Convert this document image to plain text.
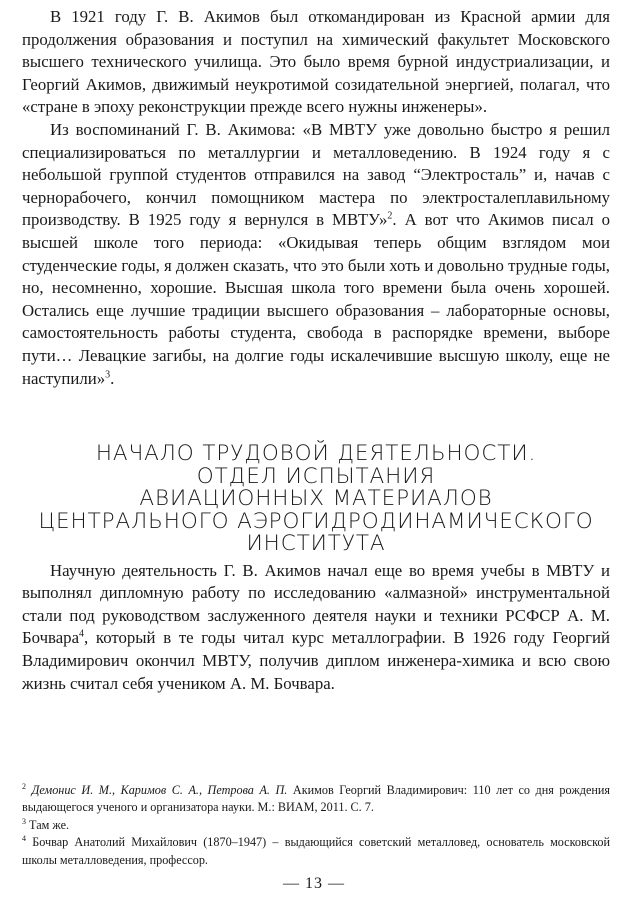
В 1921 году Г. В. Акимов был откомандирован из Красной армии для продолжения образования и поступил на химический факультет Московского высшего технического училища. Это было время бурной индустриализации, и Георгий Акимов, движимый неукротимой созидательной энергией, полагал, что «стране в эпоху реконструкции прежде всего нужны инженеры».

Из воспоминаний Г. В. Акимова: «В МВТУ уже довольно быстро я решил специализироваться по металлургии и металловедению. В 1924 году я с небольшой группой студентов отправился на завод “Электросталь” и, начав с чернорабочего, кончил помощником мастера по электросталеплавильному производству. В 1925 году я вернулся в МВТУ»$^2$. А вот что Акимов писал о высшей школе того периода: «Окидывая теперь общим взглядом мои студенческие годы, я должен сказать, что это были хоть и довольно трудные годы, но, несомненно, хорошие. Высшая школа того времени была очень хорошей. Остались еще лучшие традиции высшего образования – лабораторные основы, самостоятельность работы студента, свобода в распорядке времени, выборе пути… Левацкие загибы, на долгие годы искалечившие высшую школу, еще не наступили»$^3$.

НАЧАЛО ТРУДОВОЙ ДЕЯТЕЛЬНОСТИ.
ОТДЕЛ ИСПЫТАНИЯ
АВИАЦИОННЫХ МАТЕРИАЛОВ
ЦЕНТРАЛЬНОГО АЭРОГИДРОДИНАМИЧЕСКОГО
ИНСТИТУТА

Научную деятельность Г. В. Акимов начал еще во время учебы в МВТУ и выполнял дипломную работу по исследованию «алмазной» инструментальной стали под руководством заслуженного деятеля науки и техники РСФСР А. М. Бочвара$^4$, который в те годы читал курс металлографии. В 1926 году Георгий Владимирович окончил МВТУ, получив диплом инженера-химика и всю свою жизнь считал себя учеником А. М. Бочвара.

$^2$ Демонис И. М., Каримов С. А., Петрова А. П. Акимов Георгий Владимирович: 110 лет со дня рождения выдающегося ученого и организатора науки. М.: ВИАМ, 2011. С. 7.

$^3$ Там же.

$^4$ Бочвар Анатолий Михайлович (1870–1947) – выдающийся советский металловед, основатель московской школы металловедения, профессор.

— 13 —
